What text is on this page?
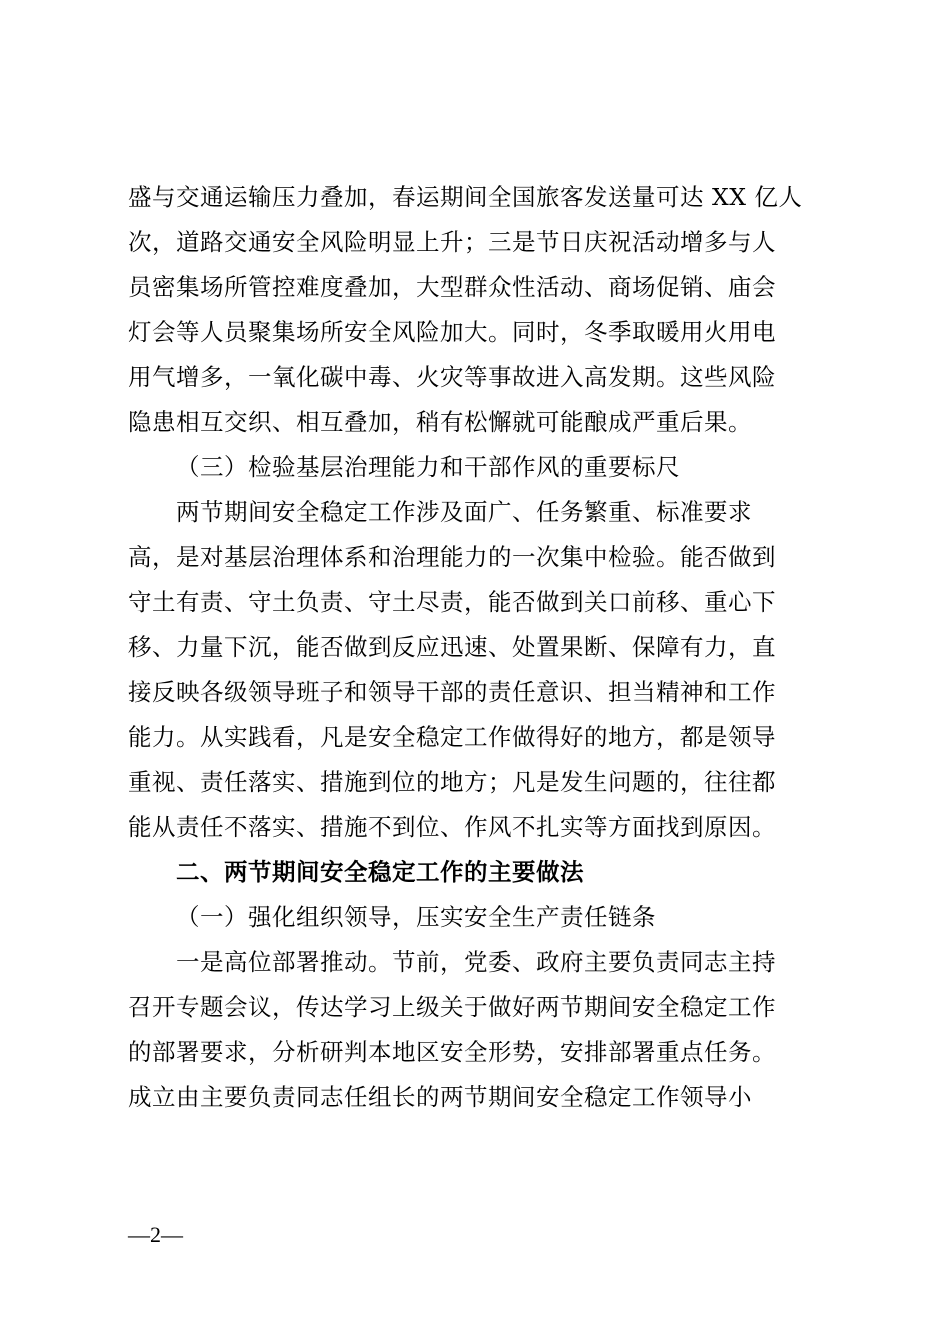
盛与交通运输压力叠加，春运期间全国旅客发送量可达 XX 亿人
次，道路交通安全风险明显上升；三是节日庆祝活动增多与人
员密集场所管控难度叠加，大型群众性活动、商场促销、庙会
灯会等人员聚集场所安全风险加大。同时，冬季取暖用火用电
用气增多，一氧化碳中毒、火灾等事故进入高发期。这些风险
隐患相互交织、相互叠加，稍有松懈就可能酿成严重后果。
（三）检验基层治理能力和干部作风的重要标尺
两节期间安全稳定工作涉及面广、任务繁重、标准要求
高，是对基层治理体系和治理能力的一次集中检验。能否做到
守土有责、守土负责、守土尽责，能否做到关口前移、重心下
移、力量下沉，能否做到反应迅速、处置果断、保障有力，直
接反映各级领导班子和领导干部的责任意识、担当精神和工作
能力。从实践看，凡是安全稳定工作做得好的地方，都是领导
重视、责任落实、措施到位的地方；凡是发生问题的，往往都
能从责任不落实、措施不到位、作风不扎实等方面找到原因。
二、两节期间安全稳定工作的主要做法
（一）强化组织领导，压实安全生产责任链条
一是高位部署推动。节前，党委、政府主要负责同志主持
召开专题会议，传达学习上级关于做好两节期间安全稳定工作
的部署要求，分析研判本地区安全形势，安排部署重点任务。
成立由主要负责同志任组长的两节期间安全稳定工作领导小
—2—
